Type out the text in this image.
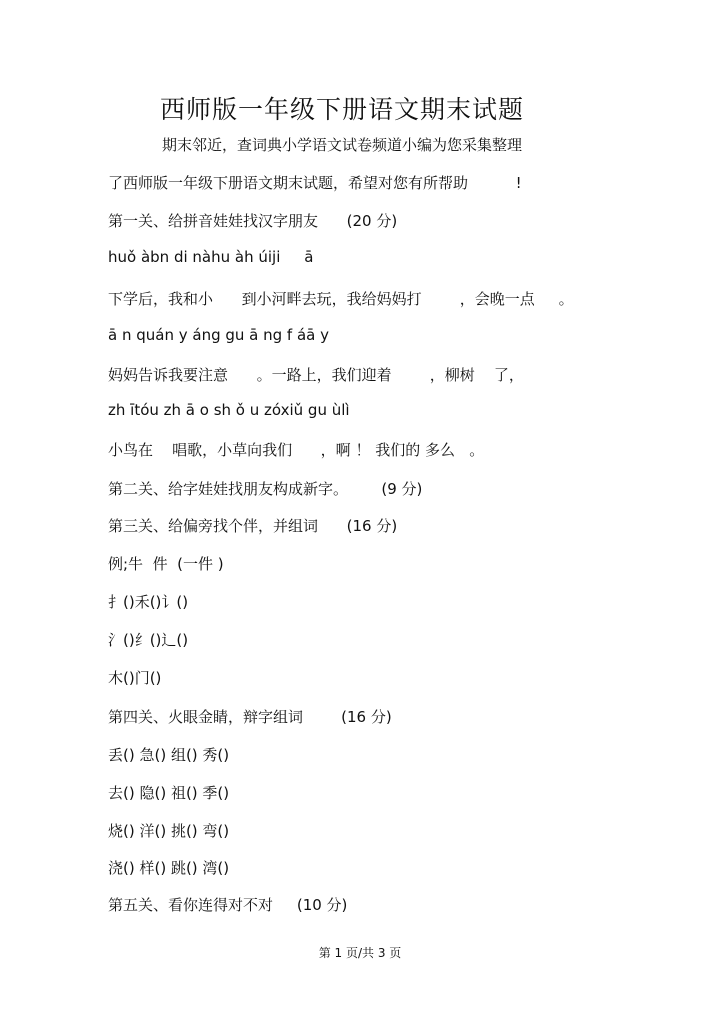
西师版一年级下册语文期末试题
期末邻近，查词典小学语文试卷频道小编为您采集整理
了西师版一年级下册语文期末试题，希望对您有所帮助          !
第一关、给拼音娃娃找汉字朋友      (20 分)
huǒ àbn di nàhu àh úiji     ā
下学后，我和小      到小河畔去玩，我给妈妈打        ，会晚一点     。
ā n quán y áng gu ā ng f áā y
妈妈告诉我要注意      。一路上，我们迎着        ，柳树    了，
zh ītóu zh ā o sh ǒ u zóxiǔ gu ùlì
小鸟在    唱歌，小草向我们      ，啊 ！ 我们的 多么   。
第二关、给字娃娃找朋友构成新字。       (9 分)
第三关、给偏旁找个伴，并组词      (16 分)
例;牛  件  (一件 )
扌()禾()讠()
氵()纟()辶()
木()门()
第四关、火眼金睛，辩字组词        (16 分)
丢() 急() 组() 秀()
去() 隐() 祖() 季()
烧() 洋() 挑() 弯()
浇() 样() 跳() 湾()
第五关、看你连得对不对     (10 分)
第 1 页/共 3 页
